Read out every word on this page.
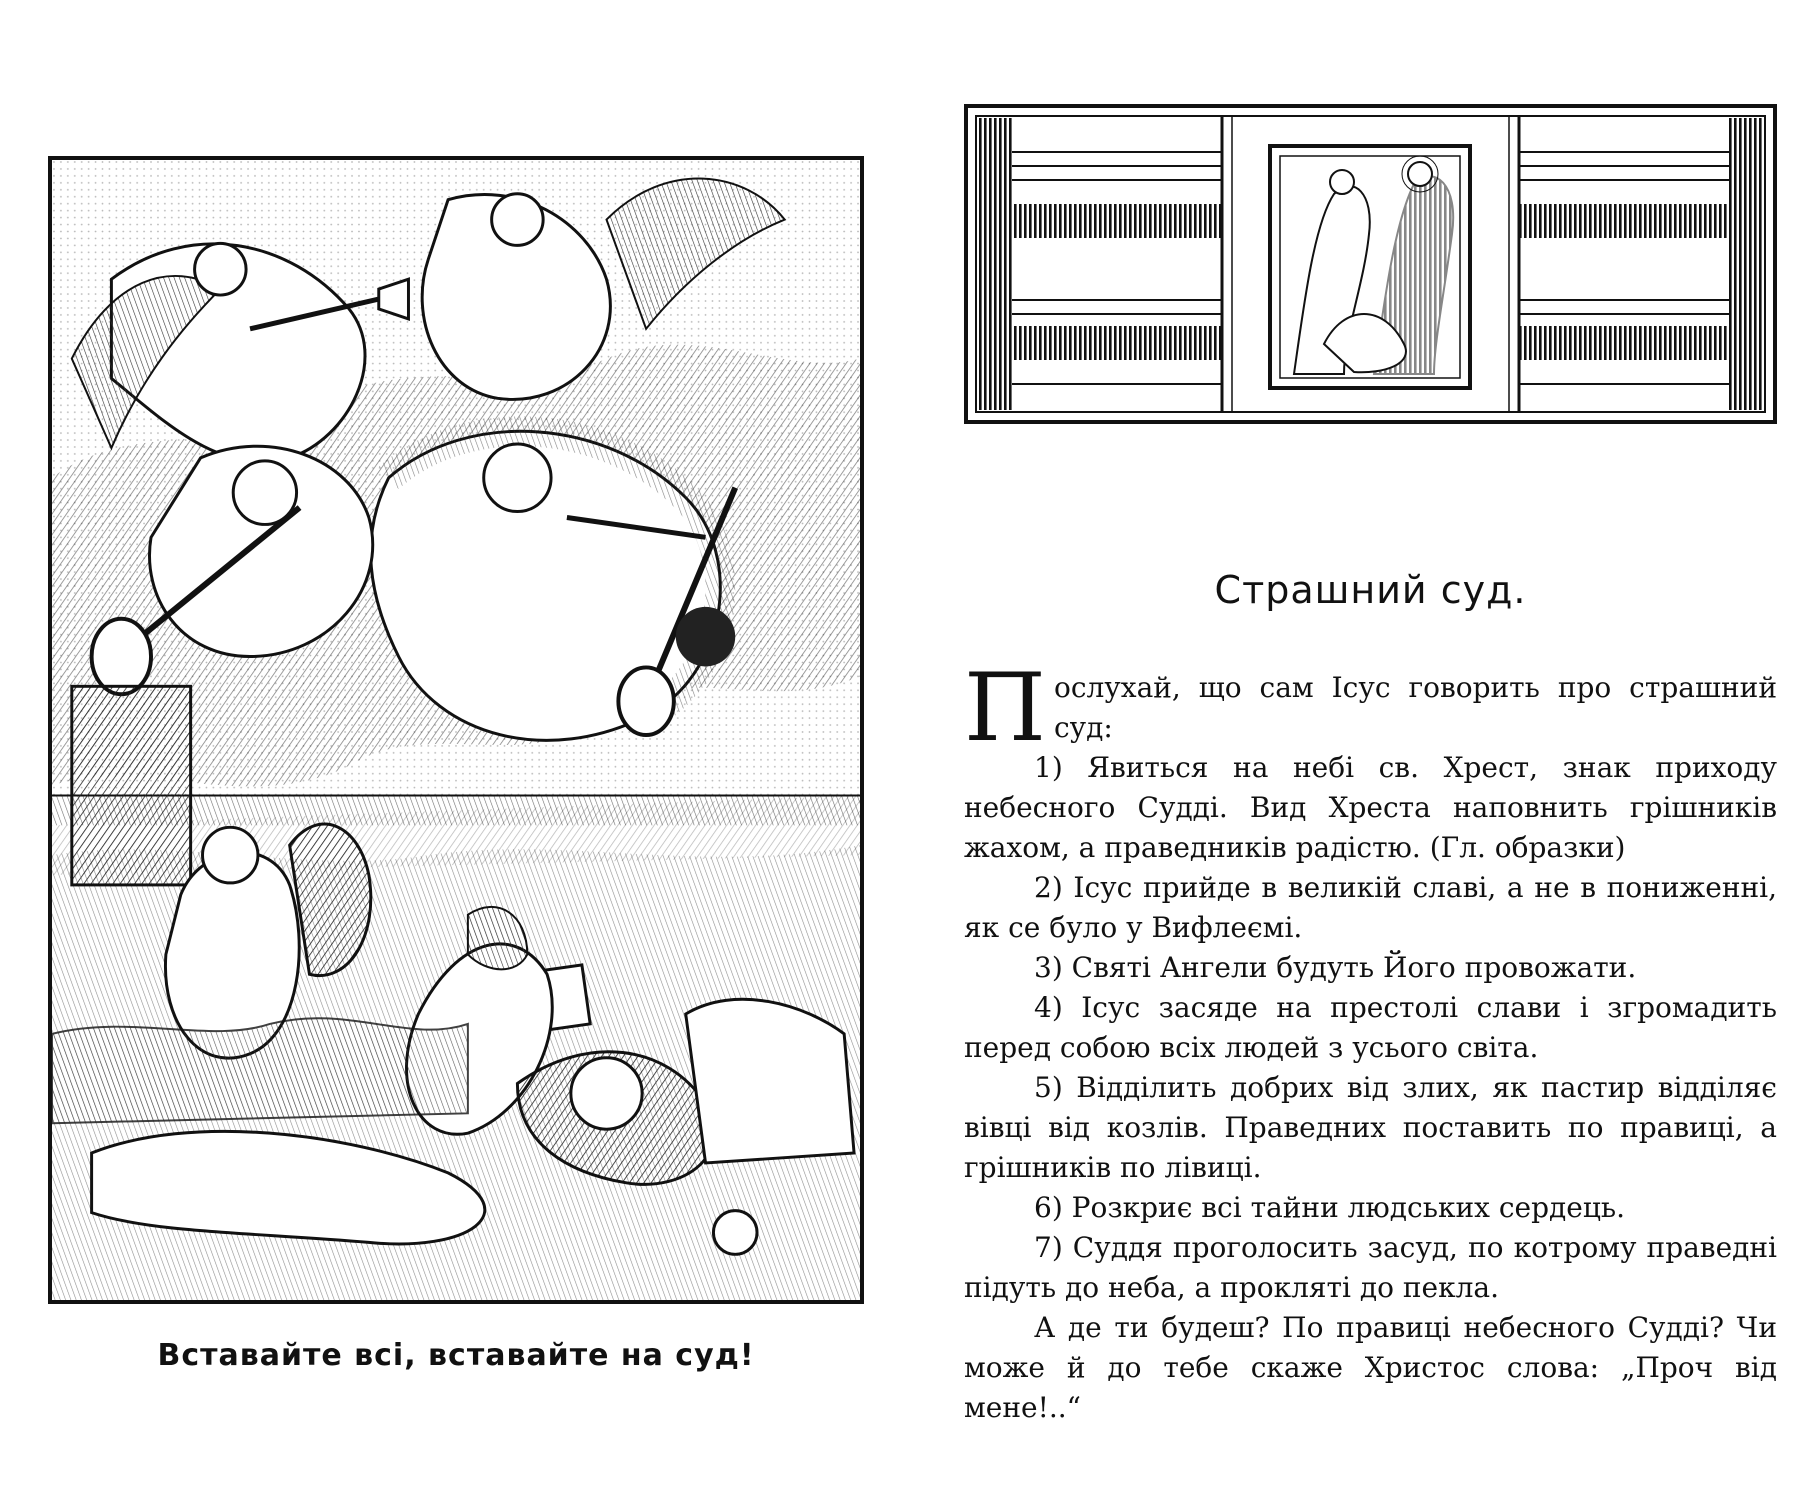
Вставайте всі, вставайте на суд!
Страшний суд.

Послухай, що сам Ісус говорить про страшний суд:

1) Явиться на небі св. Хрест, знак приходу небесного Судді. Вид Хреста наповнить грішників жахом, а праведників радістю. (Гл. образки)

2) Ісус прийде в великій славі, а не в пониженні, як се було у Вифлеємі.

3) Святі Ангели будуть Його провожати.

4) Ісус засяде на престолі слави і згромадить перед собою всіх людей з усього світа.

5) Віддiлить добрих від злих, як пастир відділяє вівці від козлів. Праведних поставить по правиці, а грішників по лівиці.

6) Розкриє всі тайни людських сердець.

7) Суддя проголосить засуд, по котрому праведні підуть до неба, а прокляті до пекла.

А де ти будеш? По правиці небесного Судді? Чи може й до тебе скаже Христос слова: „Проч від мене!..“
